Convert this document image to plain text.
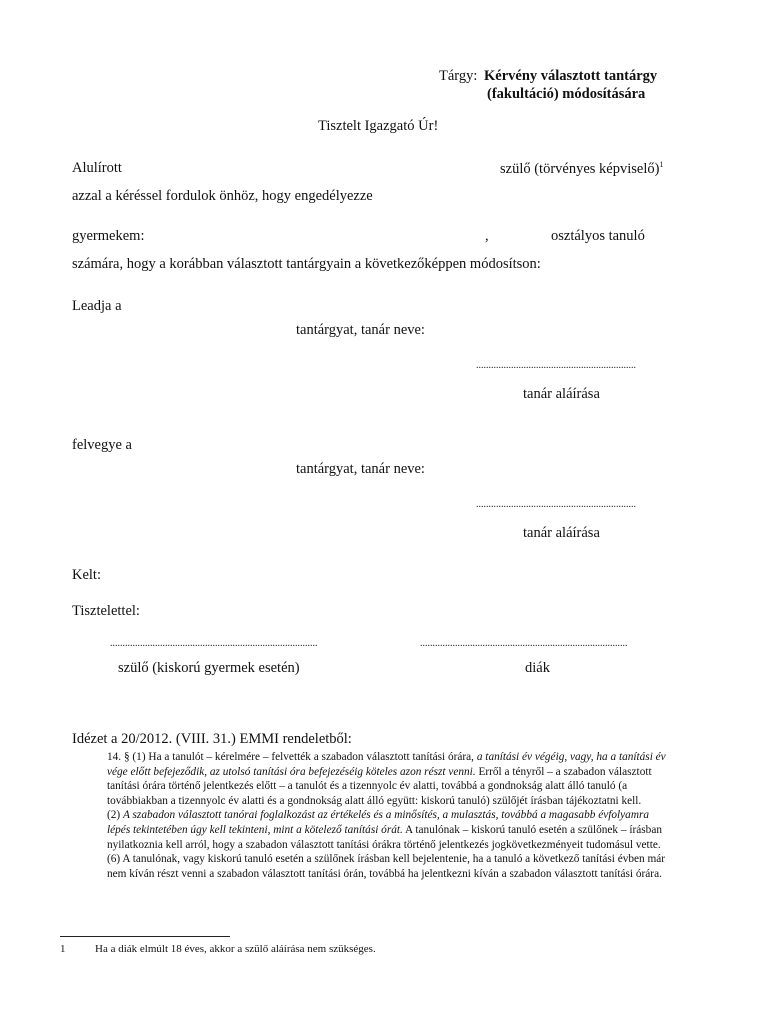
Tárgy: Kérvény választott tantárgy
(fakultáció) módosítására
Tisztelt Igazgató Úr!
Alulírott	szülő (törvényes képviselő)$^1$
azzal a kéréssel fordulok önhöz, hogy engedélyezze
gyermekem:	,	osztályos tanuló
számára, hogy a korábban választott tantárgyain a következőképpen módosítson:
Leadja a
tantárgyat, tanár neve:
................................................................
tanár aláírása
felvegye a
tantárgyat, tanár neve:
................................................................
tanár aláírása
Kelt:
Tisztelettel:
...................................................................................	...................................................................................
szülő (kiskorú gyermek esetén)	diák
Idézet a 20/2012. (VIII. 31.) EMMI rendeletből:

14. § (1) Ha a tanulót – kérelmére – felvették a szabadon választott tanítási órára, a tanítási év végéig, vagy, ha a tanítási év vége előtt befejeződik, az utolsó tanítási óra befejezéséig köteles azon részt venni. Erről a tényről – a szabadon választott tanítási órára történő jelentkezés előtt – a tanulót és a tizennyolc év alatti, továbbá a gondnokság alatt álló tanuló (a továbbiakban a tizennyolc év alatti és a gondnokság alatt álló együtt: kiskorú tanuló) szülőjét írásban tájékoztatni kell.

(2) A szabadon választott tanórai foglalkozást az értékelés és a minősítés, a mulasztás, továbbá a magasabb évfolyamra lépés tekintetében úgy kell tekinteni, mint a kötelező tanítási órát. A tanulónak – kiskorú tanuló esetén a szülőnek – írásban nyilatkoznia kell arról, hogy a szabadon választott tanítási órákra történő jelentkezés jogkövetkezményeit tudomásul vette.

(6) A tanulónak, vagy kiskorú tanuló esetén a szülőnek írásban kell bejelentenie, ha a tanuló a következő tanítási évben már nem kíván részt venni a szabadon választott tanítási órán, továbbá ha jelentkezni kíván a szabadon választott tanítási órára.

1	Ha a diák elmúlt 18 éves, akkor a szülő aláírása nem szükséges.
